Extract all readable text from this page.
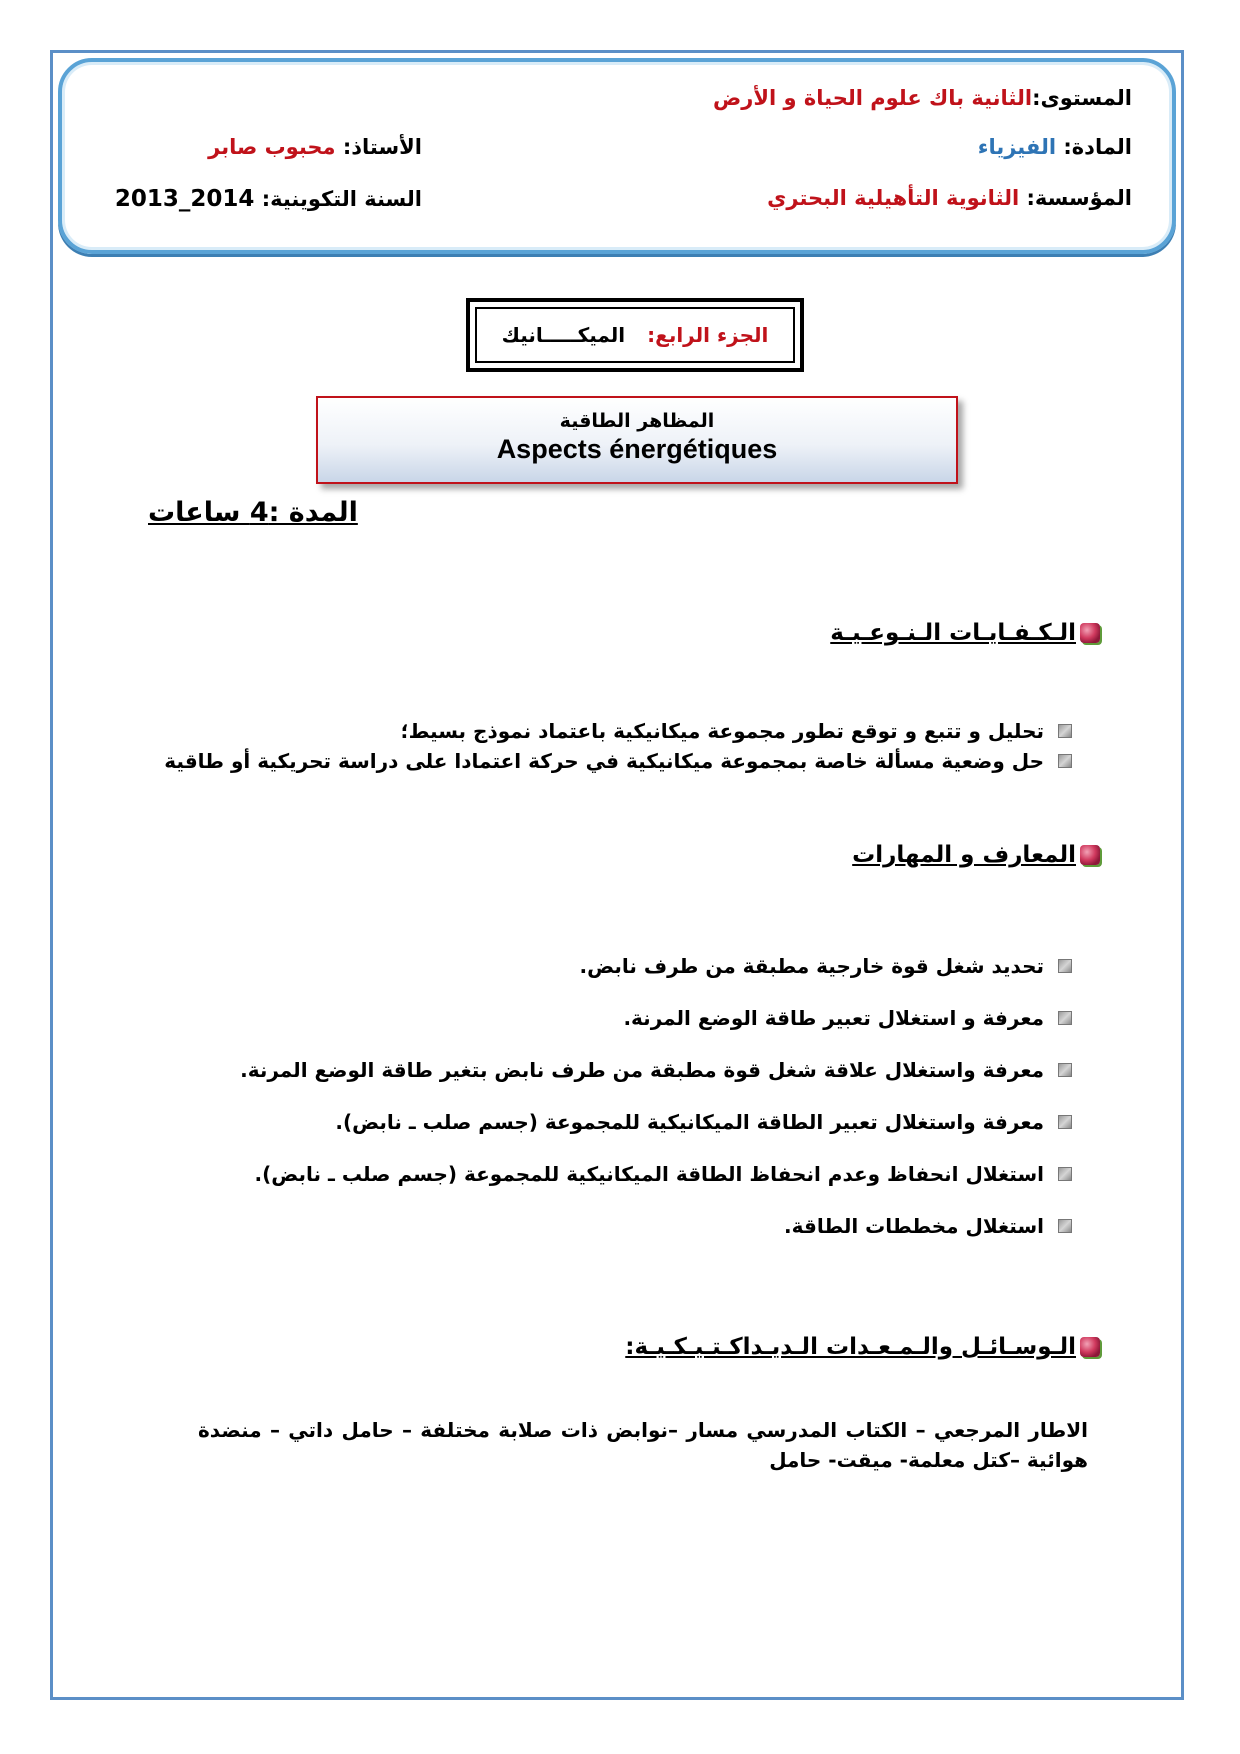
المستوى:الثانية باك علوم الحياة و الأرض
المادة: الفيزياء
الأستاذ: محبوب صابر
المؤسسة: الثانوية التأهيلية البحتري
السنة التكوينية: 2014_2013
الجزء الرابع:
الميكـــــانيك
المظاهر الطاقية
Aspects énergétiques
المدة :4 ساعات
الـكـفـايـات الـنـوعـيـة
تحليل و تتبع و توقع تطور مجموعة ميكانيكية باعتماد نموذج بسيط؛
حل وضعية مسألة خاصة بمجموعة ميكانيكية في حركة اعتمادا على دراسة تحريكية أو طاقية
المعارف و المهارات
تحديد شغل قوة خارجية مطبقة من طرف نابض.
معرفة و استغلال تعبير طاقة الوضع المرنة.
معرفة واستغلال علاقة شغل قوة مطبقة من طرف نابض بتغير طاقة الوضع المرنة.
معرفة واستغلال تعبير الطاقة الميكانيكية للمجموعة (جسم صلب ـ نابض).
استغلال انحفاظ وعدم انحفاظ الطاقة الميكانيكية للمجموعة (جسم صلب ـ نابض).
استغلال مخططات الطاقة.
الـوسـائـل والـمـعـدات الـديـداكـتـيـكـيـة:
الاطار المرجعي – الكتاب المدرسي مسار –نوابض ذات صلابة مختلفة – حامل داتي – منضدة هوائية –كتل معلمة- ميقت- حامل
